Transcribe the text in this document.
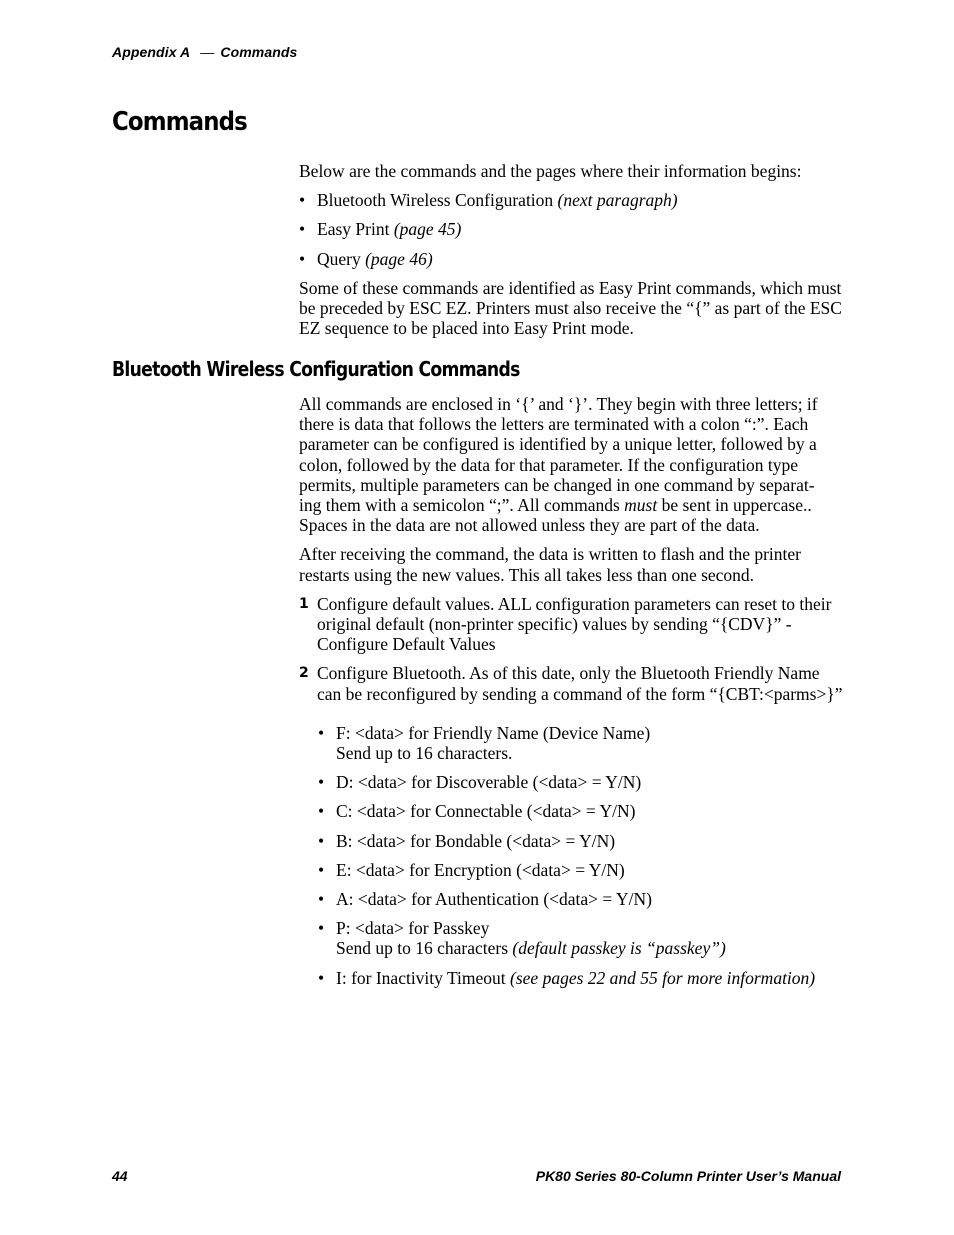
Appendix A — Commands
Commands

Below are the commands and the pages where their information begins:

• Bluetooth Wireless Configuration (next paragraph)
• Easy Print (page 45)
• Query (page 46)

Some of these commands are identified as Easy Print commands, which must be preceded by ESC EZ. Printers must also receive the “{” as part of the ESC EZ sequence to be placed into Easy Print mode.

Bluetooth Wireless Configuration Commands

All commands are enclosed in ‘{’ and ‘}’. They begin with three letters; if
there is data that follows the letters are terminated with a colon “:”. Each
parameter can be configured is identified by a unique letter, followed by a
colon, followed by the data for that parameter. If the configuration type
permits, multiple parameters can be changed in one command by separat-
ing them with a semicolon “;”. All commands must be sent in uppercase..
Spaces in the data are not allowed unless they are part of the data.

After receiving the command, the data is written to flash and the printer restarts using the new values. This all takes less than one second.

1 Configure default values. ALL configuration parameters can reset to their original default (non-printer specific) values by sending “{CDV}” - Configure Default Values
2 Configure Bluetooth. As of this date, only the Bluetooth Friendly Name can be reconfigured by sending a command of the form “{CBT:<parms>}”
• F: <data> for Friendly Name (Device Name)
Send up to 16 characters.
• D: <data> for Discoverable (<data> = Y/N)
• C: <data> for Connectable (<data> = Y/N)
• B: <data> for Bondable (<data> = Y/N)
• E: <data> for Encryption (<data> = Y/N)
• A: <data> for Authentication (<data> = Y/N)
• P: <data> for Passkey
Send up to 16 characters (default passkey is “passkey”)
• I: for Inactivity Timeout (see pages 22 and 55 for more information)
44	PK80 Series 80-Column Printer User’s Manual
